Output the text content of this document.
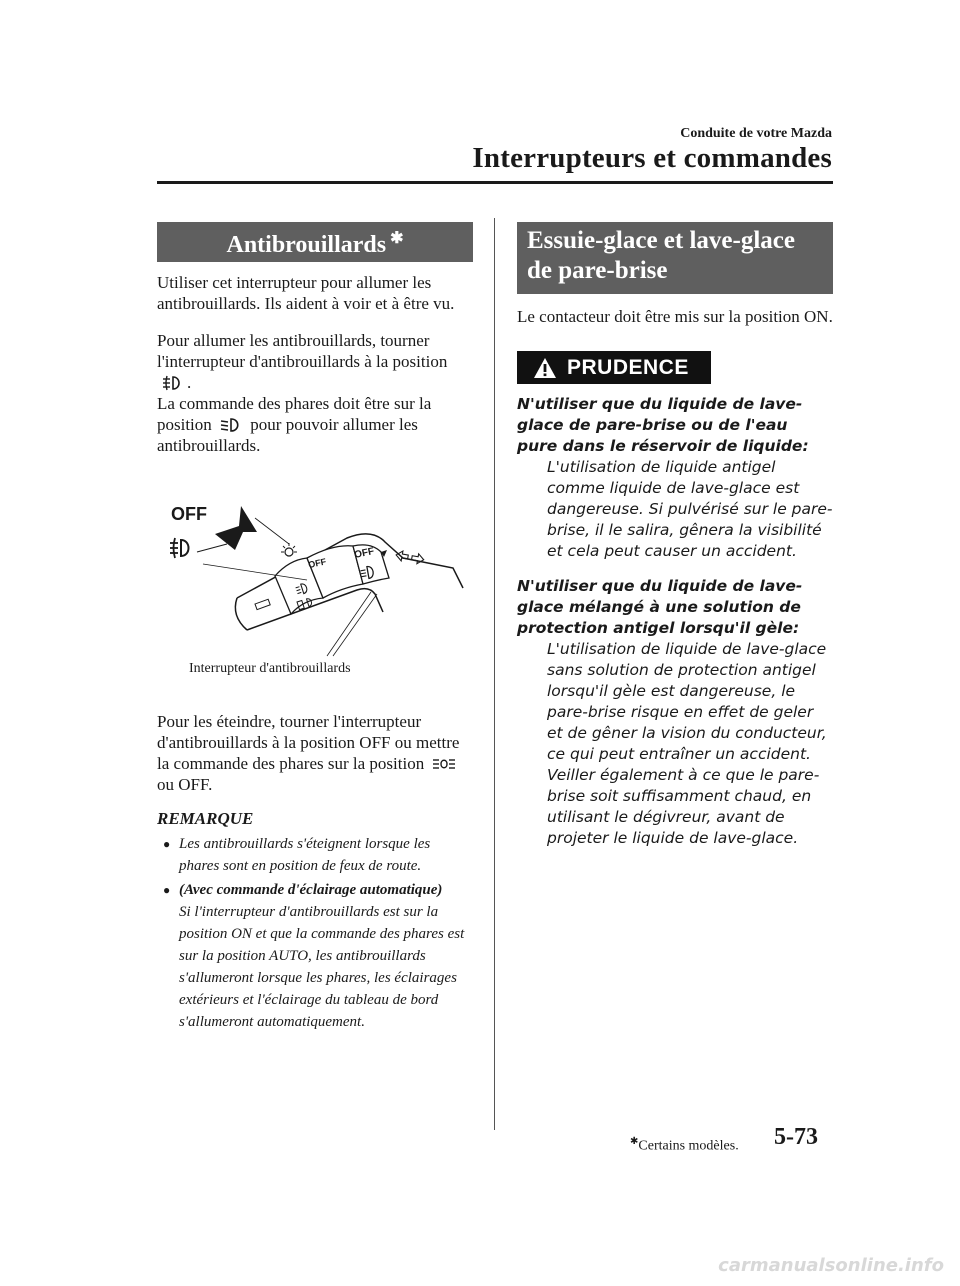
Conduite de votre Mazda
Interrupteurs et commandes
Antibrouillards ✱

Utiliser cet interrupteur pour allumer les antibrouillards. Ils aident à voir et à être vu.

Pour allumer les antibrouillards, tourner l'interrupteur d'antibrouillards à la position
.

La commande des phares doit être sur la position pour pouvoir allumer les antibrouillards.

OFF
OFF
OFF
Interrupteur d'antibrouillards

Pour les éteindre, tourner l'interrupteur d'antibrouillards à la position OFF ou mettre la commande des phares sur la position  ou OFF.

REMARQUE
● Les antibrouillards s'éteignent lorsque les phares sont en position de feux de route.
● (Avec commande d'éclairage automatique)
Si l'interrupteur d'antibrouillards est sur la position ON et que la commande des phares est sur la position AUTO, les antibrouillards s'allumeront lorsque les phares, les éclairages extérieurs et l'éclairage du tableau de bord s'allumeront automatiquement.
Essuie-glace et lave-glace de pare-brise

Le contacteur doit être mis sur la position ON.

PRUDENCE
N'utiliser que du liquide de lave-glace de pare-brise ou de l'eau pure dans le réservoir de liquide:
L'utilisation de liquide antigel comme liquide de lave-glace est dangereuse. Si pulvérisé sur le pare-brise, il le salira, gênera la visibilité et cela peut causer un accident.
N'utiliser que du liquide de lave-glace mélangé à une solution de protection antigel lorsqu'il gèle:
L'utilisation de liquide de lave-glace sans solution de protection antigel lorsqu'il gèle est dangereuse, le pare-brise risque en effet de geler et de gêner la vision du conducteur, ce qui peut entraîner un accident.
Veiller également à ce que le pare-brise soit suffisamment chaud, en utilisant le dégivreur, avant de projeter le liquide de lave-glace.
✱Certains modèles. 5-73
carmanualsonline.info
